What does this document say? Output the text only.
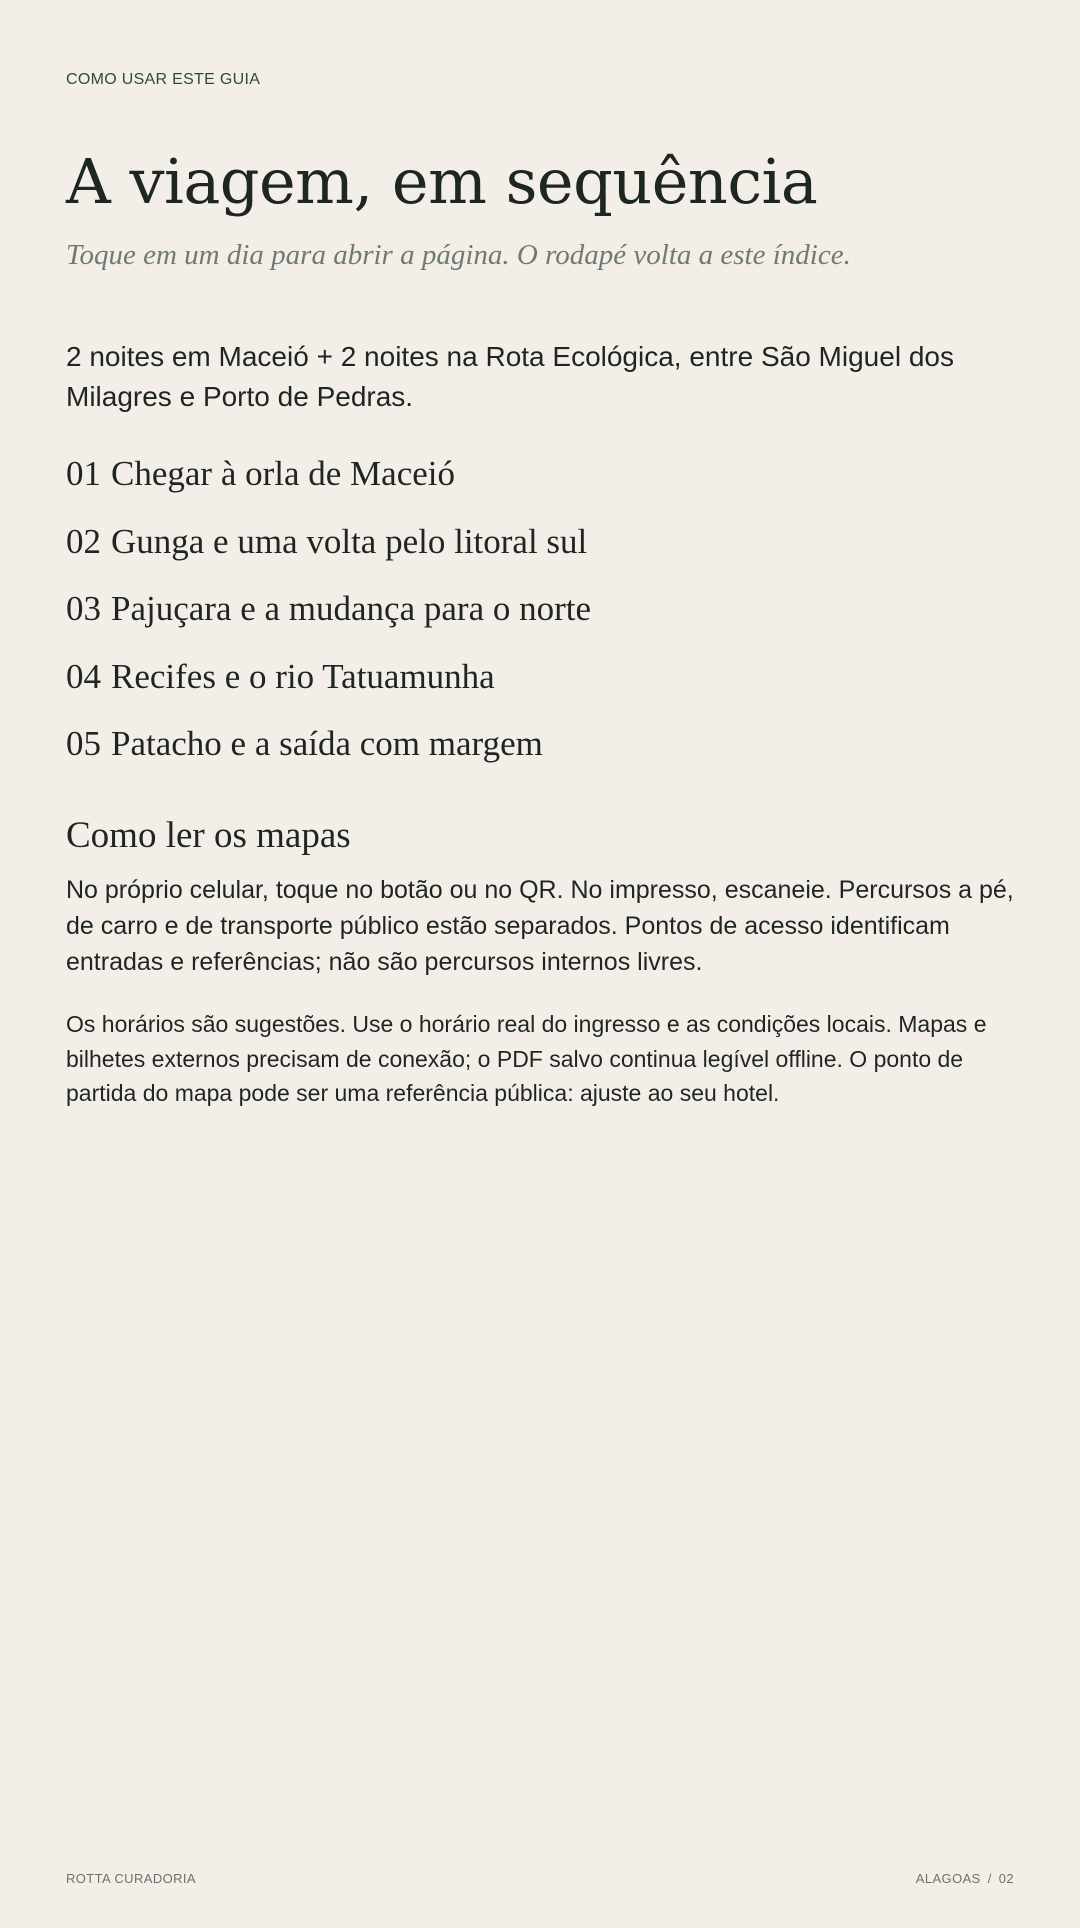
COMO USAR ESTE GUIA
A viagem, em sequência
Toque em um dia para abrir a página. O rodapé volta a este índice.
2 noites em Maceió + 2 noites na Rota Ecológica, entre São Miguel dos Milagres e Porto de Pedras.
01 Chegar à orla de Maceió
02 Gunga e uma volta pelo litoral sul
03 Pajuçara e a mudança para o norte
04 Recifes e o rio Tatuamunha
05 Patacho e a saída com margem
Como ler os mapas

No próprio celular, toque no botão ou no QR. No impresso, escaneie. Percursos a pé, de carro e de transporte público estão separados. Pontos de acesso identificam entradas e referências; não são percursos internos livres.

Os horários são sugestões. Use o horário real do ingresso e as condições locais. Mapas e bilhetes externos precisam de conexão; o PDF salvo continua legível offline. O ponto de partida do mapa pode ser uma referência pública: ajuste ao seu hotel.

ROTTA CURADORIA	ALAGOAS / 02
